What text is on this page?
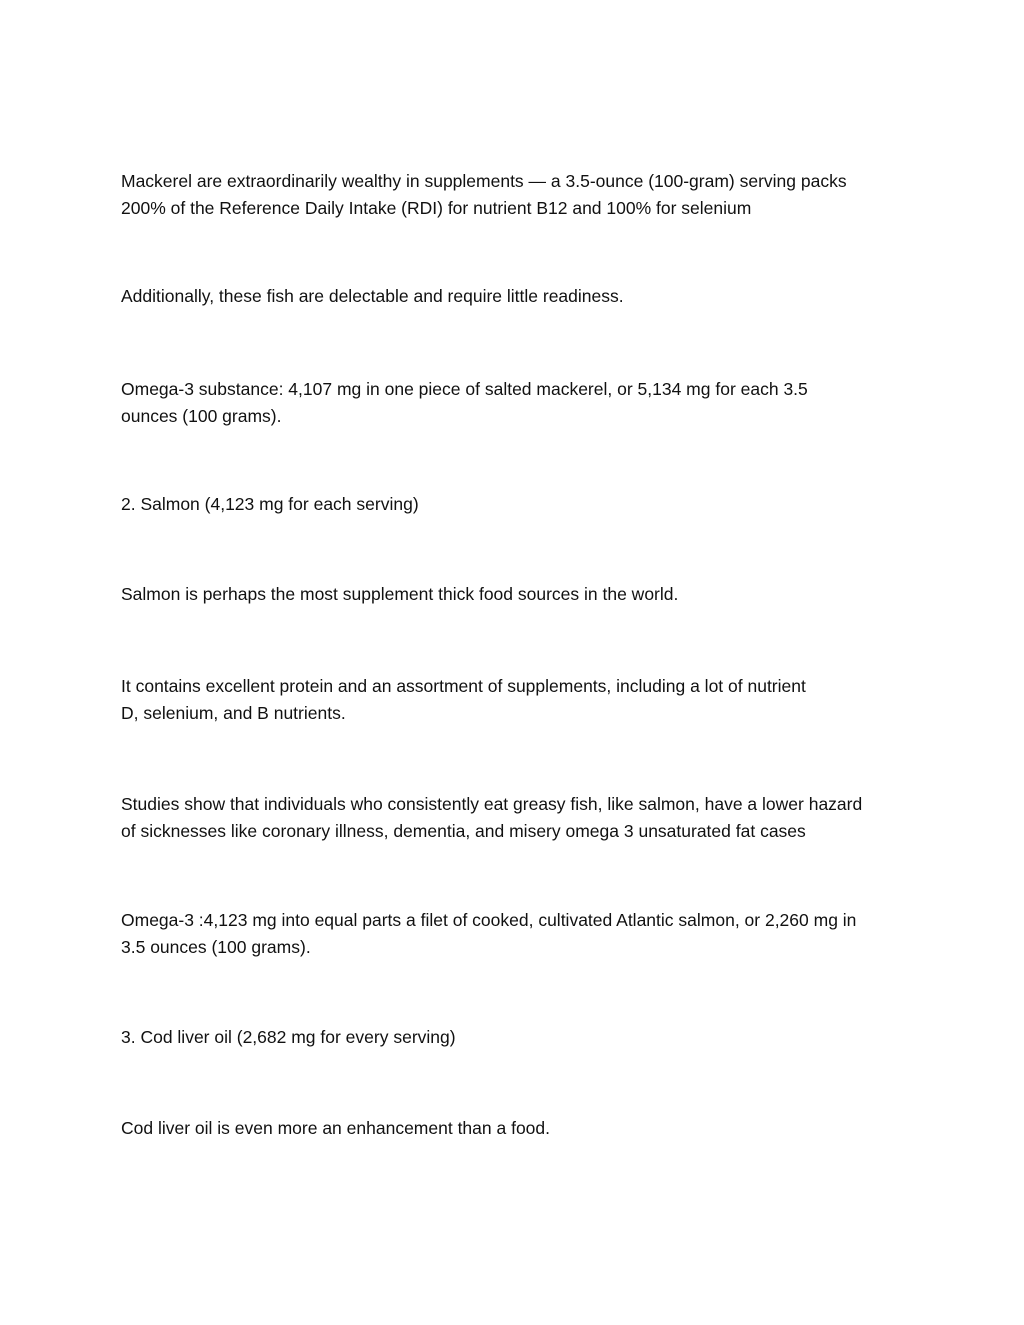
Mackerel are extraordinarily wealthy in supplements — a 3.5-ounce (100-gram) serving packs
200% of the Reference Daily Intake (RDI) for nutrient B12 and 100% for selenium

Additionally, these fish are delectable and require little readiness.

Omega-3 substance: 4,107 mg in one piece of salted mackerel, or 5,134 mg for each 3.5
ounces (100 grams).

2. Salmon (4,123 mg for each serving)

Salmon is perhaps the most supplement thick food sources in the world.

It contains excellent protein and an assortment of supplements, including a lot of nutrient
D, selenium, and B nutrients.

Studies show that individuals who consistently eat greasy fish, like salmon, have a lower hazard
of sicknesses like coronary illness, dementia, and misery omega 3 unsaturated fat cases

Omega-3 :4,123 mg into equal parts a filet of cooked, cultivated Atlantic salmon, or 2,260 mg in
3.5 ounces (100 grams).

3. Cod liver oil (2,682 mg for every serving)

Cod liver oil is even more an enhancement than a food.
